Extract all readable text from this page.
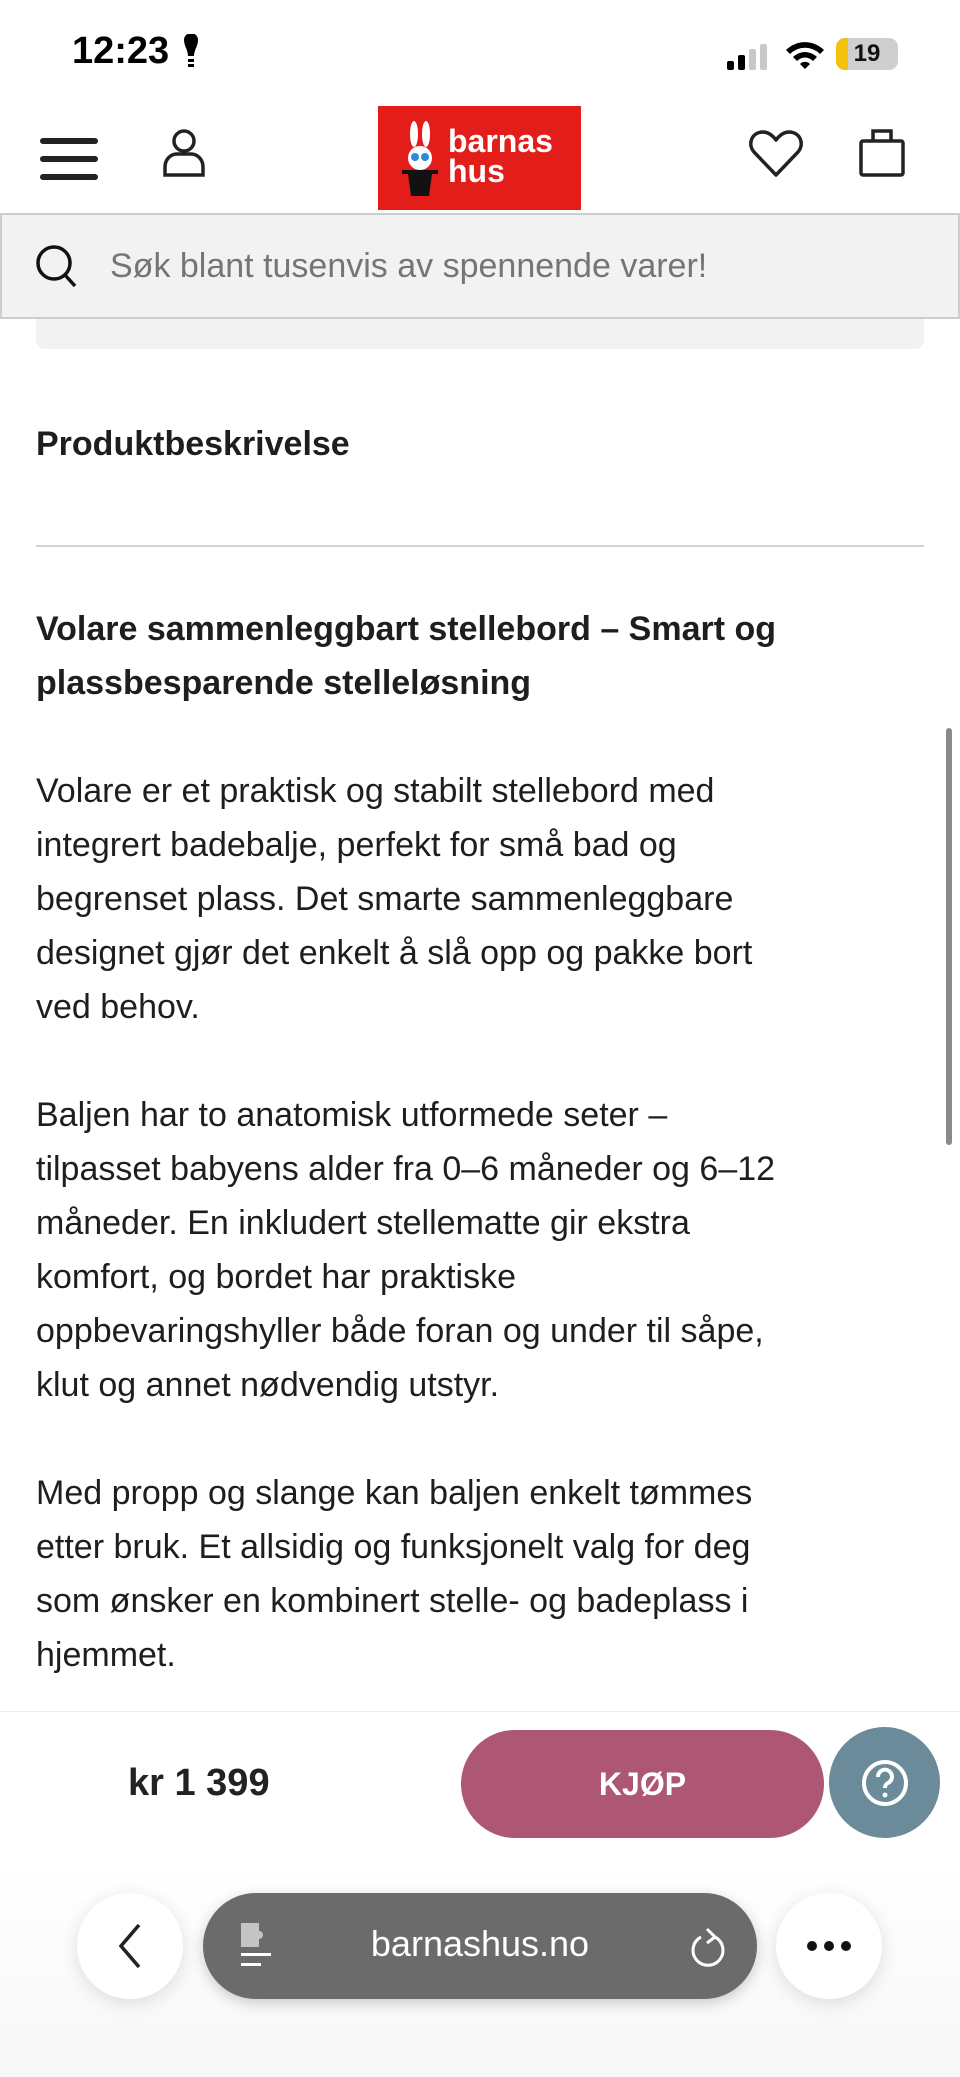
12:23	19
barnas
hus
Søk blant tusenvis av spennende varer!
Produktbeskrivelse
Volare sammenleggbart stellebord – Smart og
plassbesparende stelleløsning

Volare er et praktisk og stabilt stellebord med
integrert badebalje, perfekt for små bad og
begrenset plass. Det smarte sammenleggbare
designet gjør det enkelt å slå opp og pakke bort
ved behov.

Baljen har to anatomisk utformede seter –
tilpasset babyens alder fra 0–6 måneder og 6–12
måneder. En inkludert stellematte gir ekstra
komfort, og bordet har praktiske
oppbevaringshyller både foran og under til såpe,
klut og annet nødvendig utstyr.

Med propp og slange kan baljen enkelt tømmes
etter bruk. Et allsidig og funksjonelt valg for deg
som ønsker en kombinert stelle- og badeplass i
hjemmet.

kr 1 399	KJØP
barnashus.no
